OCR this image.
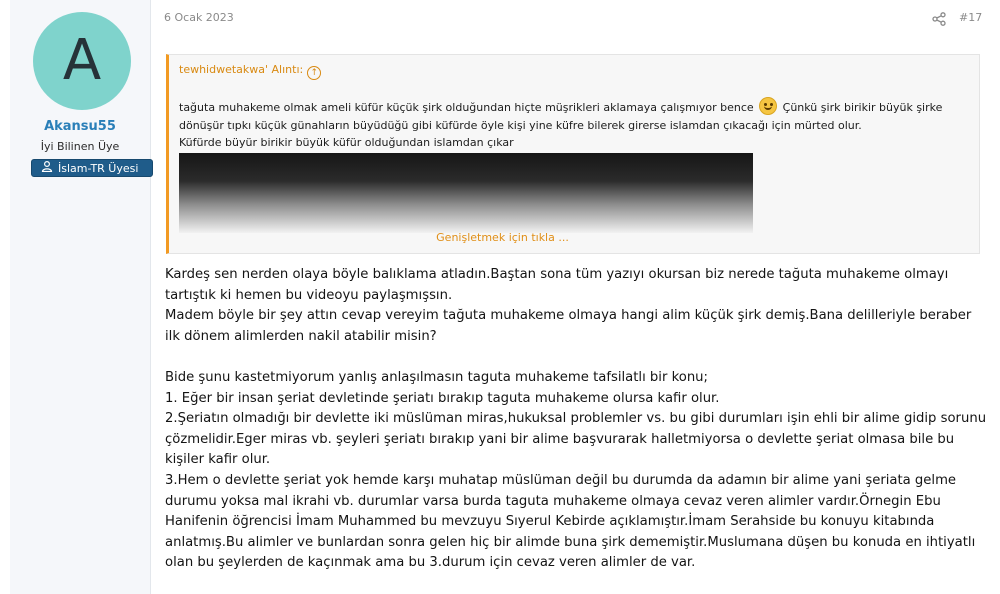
A
Akansu55
İyi Bilinen Üye
İslam-TR Üyesi
6 Ocak 2023	#17
tewhidwetakwa' Alıntı: ↑
tağuta muhakeme olmak ameli küfür küçük şirk olduğundan hiçte müşrikleri aklamaya çalışmıyor bence	Çünkü şirk birikir büyük şirke dönüşür tıpkı küçük günahların büyüdüğü gibi küfürde öyle kişi yine küfre bilerek girerse islamdan çıkacağı için mürted olur.
Küfürde büyür birikir büyük küfür olduğundan islamdan çıkar
Genişletmek için tıkla ...

Kardeş sen nerden olaya böyle balıklama atladın.Baştan sona tüm yazıyı okursan biz nerede tağuta muhakeme olmayı tartıştık ki hemen bu videoyu paylaşmışsın.

Madem böyle bir şey attın cevap vereyim tağuta muhakeme olmaya hangi alim küçük şirk demiş.Bana delilleriyle beraber ilk dönem alimlerden nakil atabilir misin?

Bide şunu kastetmiyorum yanlış anlaşılmasın taguta muhakeme tafsilatlı bir konu;

1. Eğer bir insan şeriat devletinde şeriatı bırakıp taguta muhakeme olursa kafir olur.

2.Şeriatın olmadığı bir devlette iki müslüman miras,hukuksal problemler vs. bu gibi durumları işin ehli bir alime gidip sorunu çözmelidir.Eger miras vb. şeyleri şeriatı bırakıp yani bir alime başvurarak halletmiyorsa o devlette şeriat olmasa bile bu kişiler kafir olur.

3.Hem o devlette şeriat yok hemde karşı muhatap müslüman değil bu durumda da adamın bir alime yani şeriata gelme durumu yoksa mal ikrahi vb. durumlar varsa burda taguta muhakeme olmaya cevaz veren alimler vardır.Örnegin Ebu Hanifenin öğrencisi İmam Muhammed bu mevzuyu Sıyerul Kebirde açıklamıştır.İmam Serahside bu konuyu kitabında anlatmış.Bu alimler ve bunlardan sonra gelen hiç bir alimde buna şirk dememiştir.Muslumana düşen bu konuda en ihtiyatlı olan bu şeylerden de kaçınmak ama bu 3.durum için cevaz veren alimler de var.
